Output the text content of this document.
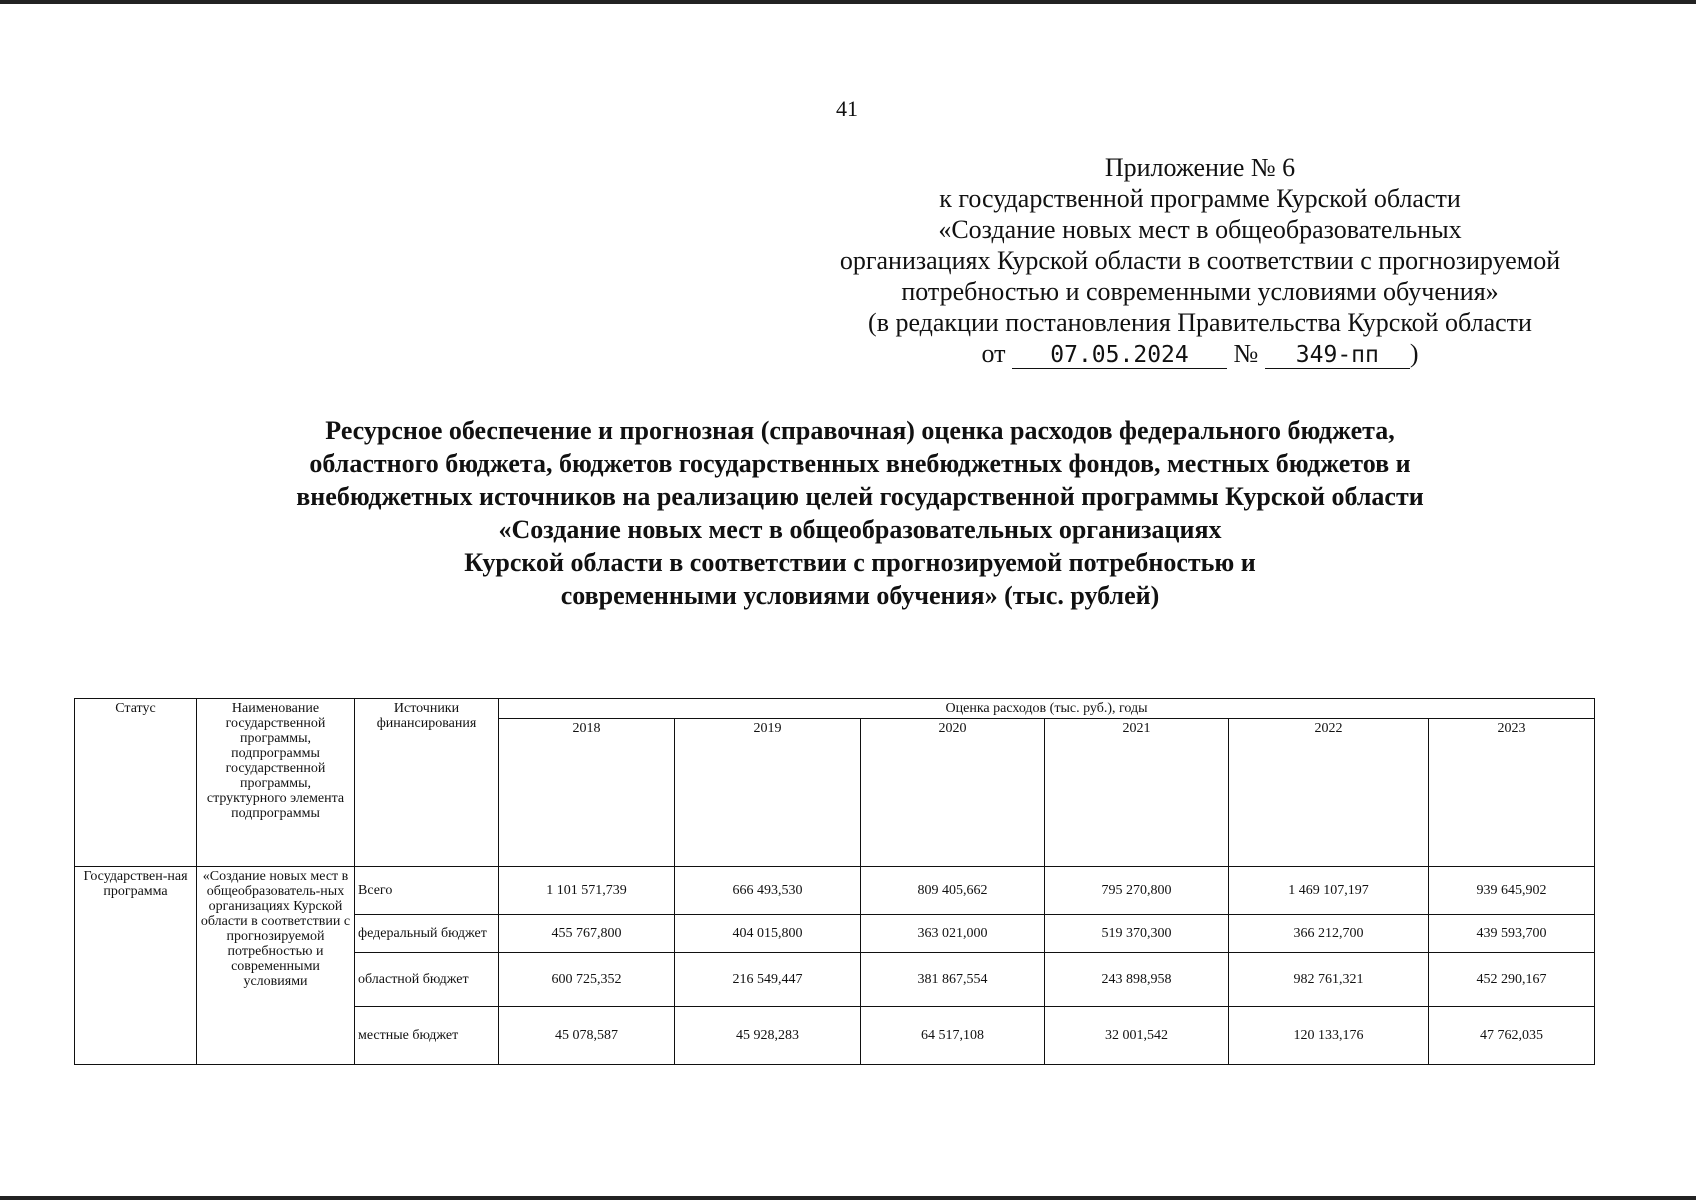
41
Приложение № 6
к государственной программе Курской области
«Создание новых мест в общеобразовательных
организациях Курской области в соответствии с прогнозируемой
потребностью и современными условиями обучения»
(в редакции постановления Правительства Курской области
от 07.05.2024 № 349-пп )
Ресурсное обеспечение и прогнозная (справочная) оценка расходов федерального бюджета,
областного бюджета, бюджетов государственных внебюджетных фондов, местных бюджетов и
внебюджетных источников на реализацию целей государственной программы Курской области
«Создание новых мест в общеобразовательных организациях
Курской области в соответствии с прогнозируемой потребностью и
современными условиями обучения» (тыс. рублей)
Статус	Наименование государственной программы, подпрограммы государственной программы, структурного элемента подпрограммы	Источники финансирования	Оценка расходов (тыс. руб.), годы					
			2018	2019	2020	2021	2022	2023
Государствен-ная программа	«Создание новых мест в общеобразователь-ных организациях Курской области в соответствии с прогнозируемой потребностью и современными условиями	Всего	1 101 571,739	666 493,530	809 405,662	795 270,800	1 469 107,197	939 645,902
		федеральный бюджет	455 767,800	404 015,800	363 021,000	519 370,300	366 212,700	439 593,700
		областной бюджет	600 725,352	216 549,447	381 867,554	243 898,958	982 761,321	452 290,167
		местные бюджет	45 078,587	45 928,283	64 517,108	32 001,542	120 133,176	47 762,035
